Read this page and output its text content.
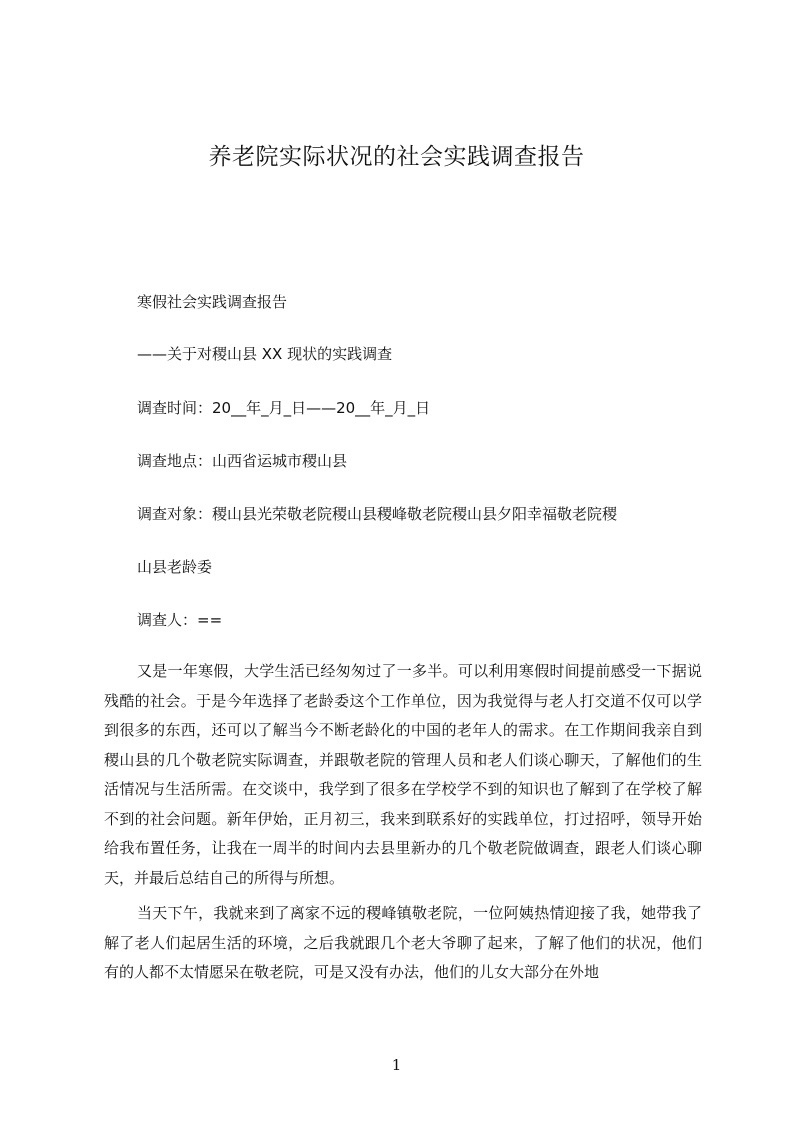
养老院实际状况的社会实践调查报告
寒假社会实践调查报告
——关于对稷山县 XX 现状的实践调查
调查时间：20__年_月_日——20__年_月_日
调查地点：山西省运城市稷山县
调查对象：稷山县光荣敬老院稷山县稷峰敬老院稷山县夕阳幸福敬老院稷
山县老龄委
调查人：==

又是一年寒假，大学生活已经匆匆过了一多半。可以利用寒假时间提前感受一下据说残酷的社会。于是今年选择了老龄委这个工作单位，因为我觉得与老人打交道不仅可以学到很多的东西，还可以了解当今不断老龄化的中国的老年人的需求。在工作期间我亲自到稷山县的几个敬老院实际调查，并跟敬老院的管理人员和老人们谈心聊天，了解他们的生活情况与生活所需。在交谈中，我学到了很多在学校学不到的知识也了解到了在学校了解不到的社会问题。新年伊始，正月初三，我来到联系好的实践单位，打过招呼，领导开始给我布置任务，让我在一周半的时间内去县里新办的几个敬老院做调查，跟老人们谈心聊天，并最后总结自己的所得与所想。

当天下午，我就来到了离家不远的稷峰镇敬老院，一位阿姨热情迎接了我，她带我了解了老人们起居生活的环境，之后我就跟几个老大爷聊了起来，了解了他们的状况，他们有的人都不太情愿呆在敬老院，可是又没有办法，他们的儿女大部分在外地

1
